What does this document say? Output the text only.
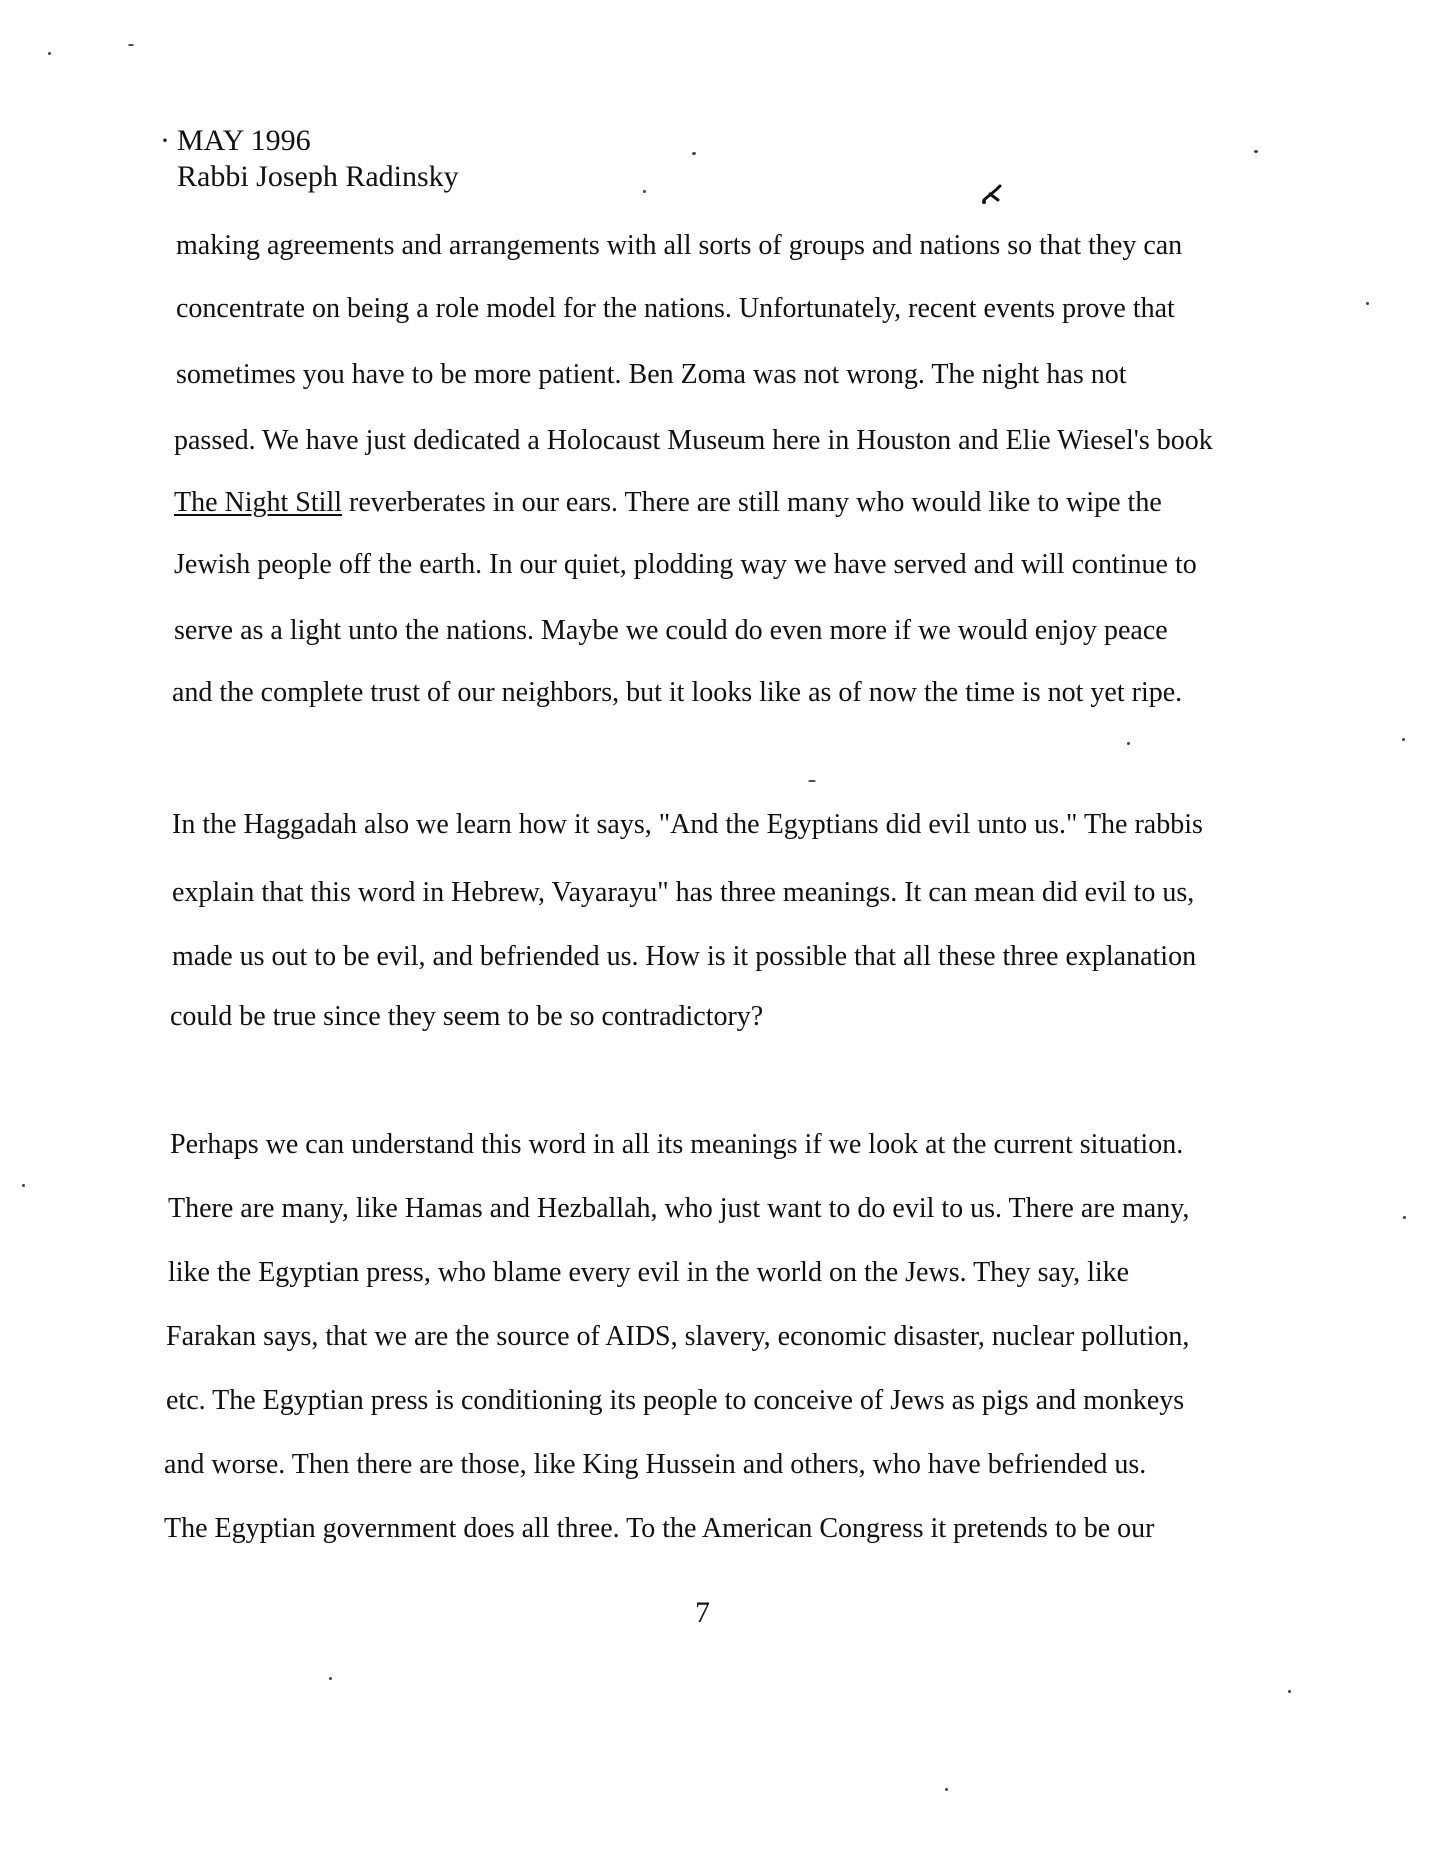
· MAY 1996
Rabbi Joseph Radinsky
making agreements and arrangements with all sorts of groups and nations so that they can
concentrate on being a role model for the nations. Unfortunately, recent events prove that
sometimes you have to be more patient. Ben Zoma was not wrong. The night has not
passed. We have just dedicated a Holocaust Museum here in Houston and Elie Wiesel's book
The Night Still reverberates in our ears. There are still many who would like to wipe the
Jewish people off the earth. In our quiet, plodding way we have served and will continue to
serve as a light unto the nations. Maybe we could do even more if we would enjoy peace
and the complete trust of our neighbors, but it looks like as of now the time is not yet ripe.
In the Haggadah also we learn how it says, "And the Egyptians did evil unto us." The rabbis
explain that this word in Hebrew, Vayarayu" has three meanings. It can mean did evil to us,
made us out to be evil, and befriended us. How is it possible that all these three explanation
could be true since they seem to be so contradictory?
Perhaps we can understand this word in all its meanings if we look at the current situation.
There are many, like Hamas and Hezballah, who just want to do evil to us. There are many,
like the Egyptian press, who blame every evil in the world on the Jews. They say, like
Farakan says, that we are the source of AIDS, slavery, economic disaster, nuclear pollution,
etc. The Egyptian press is conditioning its people to conceive of Jews as pigs and monkeys
and worse. Then there are those, like King Hussein and others, who have befriended us.
The Egyptian government does all three. To the American Congress it pretends to be our
7
